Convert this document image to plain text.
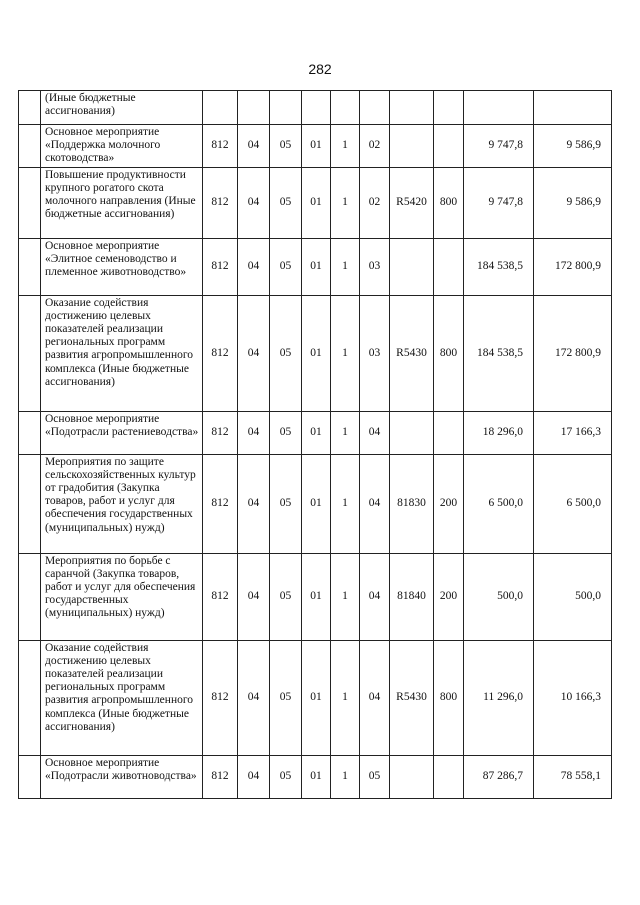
282
	(Иные бюджетные ассигнования)										
	Основное мероприятие «Поддержка молочного скотоводства»	812	04	05	01	1	02			9 747,8	9 586,9
	Повышение продуктивности крупного рогатого скота молочного направления (Иные бюджетные ассигнования)	812	04	05	01	1	02	R5420	800	9 747,8	9 586,9
	Основное мероприятие «Элитное семеноводство и племенное животноводство»	812	04	05	01	1	03			184 538,5	172 800,9
	Оказание содействия достижению целевых показателей реализации региональных программ развития агропромышленного комплекса (Иные бюджетные ассигнования)	812	04	05	01	1	03	R5430	800	184 538,5	172 800,9
	Основное мероприятие «Подотрасли растениеводства»	812	04	05	01	1	04			18 296,0	17 166,3
	Мероприятия по защите сельскохозяйственных культур от градобития (Закупка товаров, работ и услуг для обеспечения государственных (муниципальных) нужд)	812	04	05	01	1	04	81830	200	6 500,0	6 500,0
	Мероприятия по борьбе с саранчой (Закупка товаров, работ и услуг для обеспечения государственных (муниципальных) нужд)	812	04	05	01	1	04	81840	200	500,0	500,0
	Оказание содействия достижению целевых показателей реализации региональных программ развития агропромышленного комплекса (Иные бюджетные ассигнования)	812	04	05	01	1	04	R5430	800	11 296,0	10 166,3
	Основное мероприятие «Подотрасли животноводства»	812	04	05	01	1	05			87 286,7	78 558,1
